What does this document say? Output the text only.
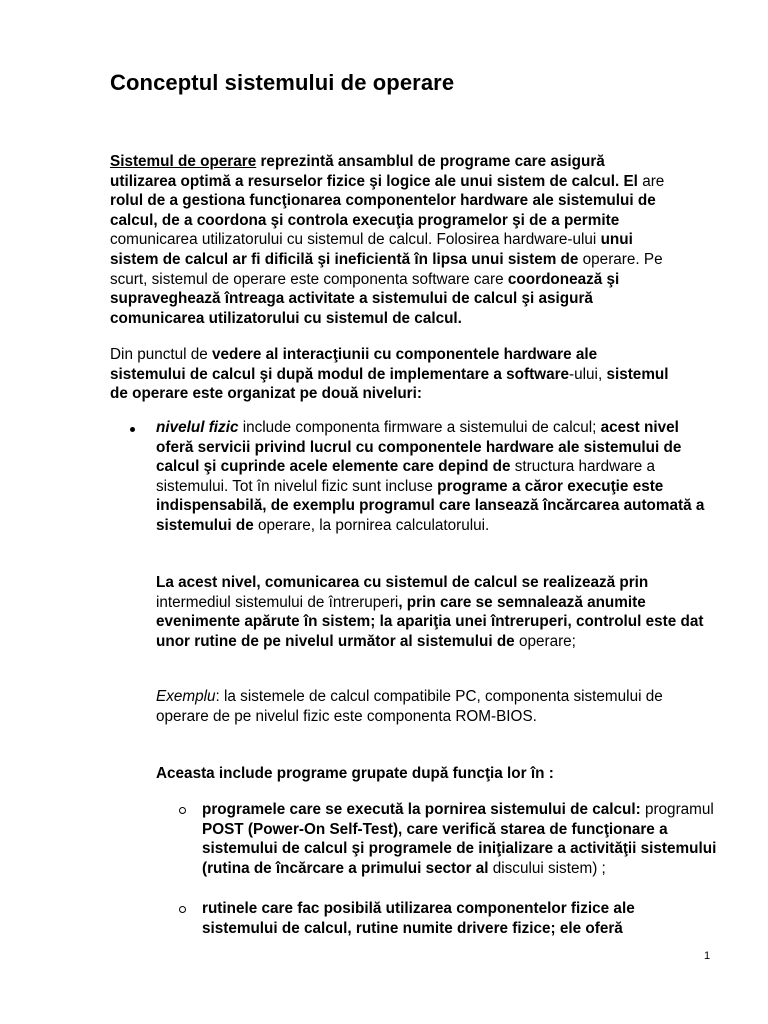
Conceptul sistemului de operare

Sistemul de operare reprezintă ansamblul de programe care asigură utilizarea optimă a resurselor fizice şi logice ale unui sistem de calcul. El are rolul de a gestiona funcţionarea componentelor hardware ale sistemului de calcul, de a coordona şi controla execuţia programelor şi de a permite comunicarea utilizatorului cu sistemul de calcul. Folosirea hardware-ului unui sistem de calcul ar fi dificilă şi ineficientă în lipsa unui sistem de operare. Pe scurt, sistemul de operare este componenta software care coordonează şi supraveghează întreaga activitate a sistemului de calcul şi asigură comunicarea utilizatorului cu sistemul de calcul.

Din punctul de vedere al interacţiunii cu componentele hardware ale sistemului de calcul şi după modul de implementare a software-ului, sistemul de operare este organizat pe două niveluri:

nivelul fizic include componenta firmware a sistemului de calcul; acest nivel oferă servicii privind lucrul cu componentele hardware ale sistemului de calcul şi cuprinde acele elemente care depind de structura hardware a sistemului. Tot în nivelul fizic sunt incluse programe a căror execuţie este indispensabilă, de exemplu programul care lansează încărcarea automată a sistemului de operare, la pornirea calculatorului.

La acest nivel, comunicarea cu sistemul de calcul se realizează prin intermediul sistemului de întreruperi, prin care se semnalează anumite evenimente apărute în sistem; la apariţia unei întreruperi, controlul este dat unor rutine de pe nivelul următor al sistemului de operare;

Exemplu: la sistemele de calcul compatibile PC, componenta sistemului de operare de pe nivelul fizic este componenta ROM-BIOS.

Aceasta include programe grupate după funcţia lor în :

programele care se execută la pornirea sistemului de calcul: programul POST (Power-On Self-Test), care verifică starea de funcţionare a sistemului de calcul şi programele de iniţializare a activităţii sistemului (rutina de încărcare a primului sector al discului sistem) ;

rutinele care fac posibilă utilizarea componentelor fizice ale sistemului de calcul, rutine numite drivere fizice; ele oferă

1
